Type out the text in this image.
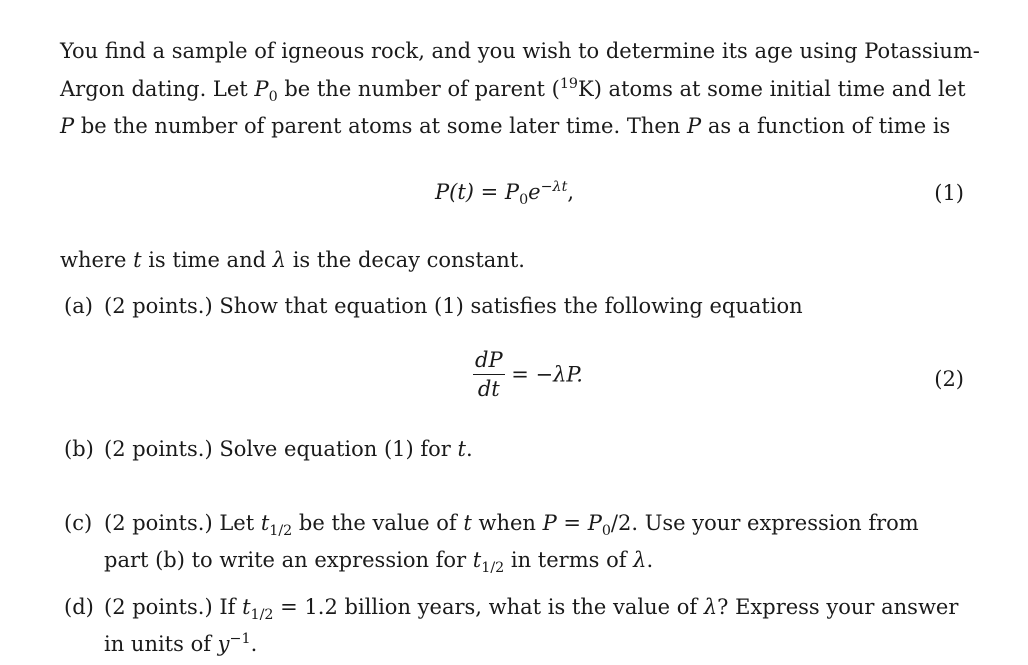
You find a sample of igneous rock, and you wish to determine its age using Potassium-
Argon dating. Let $P_0$ be the number of parent ($^{19}$K) atoms at some initial time and let
P be the number of parent atoms at some later time. Then P as a function of time is
$P(t) = P_0e^{-\lambda t}$,	(1)
where t is time and λ is the decay constant.
(a) (2 points.) Show that equation (1) satisfies the following equation
$\frac{dP}{dt} = -\lambda P$.	(2)
(b) (2 points.) Solve equation (1) for t.
(c) (2 points.) Let $t_{1/2}$ be the value of t when $P = P_0/2$. Use your expression from
part (b) to write an expression for $t_{1/2}$ in terms of λ.
(d) (2 points.) If $t_{1/2} = 1.2$ billion years, what is the value of λ? Express your answer
in units of $y^{-1}$.
